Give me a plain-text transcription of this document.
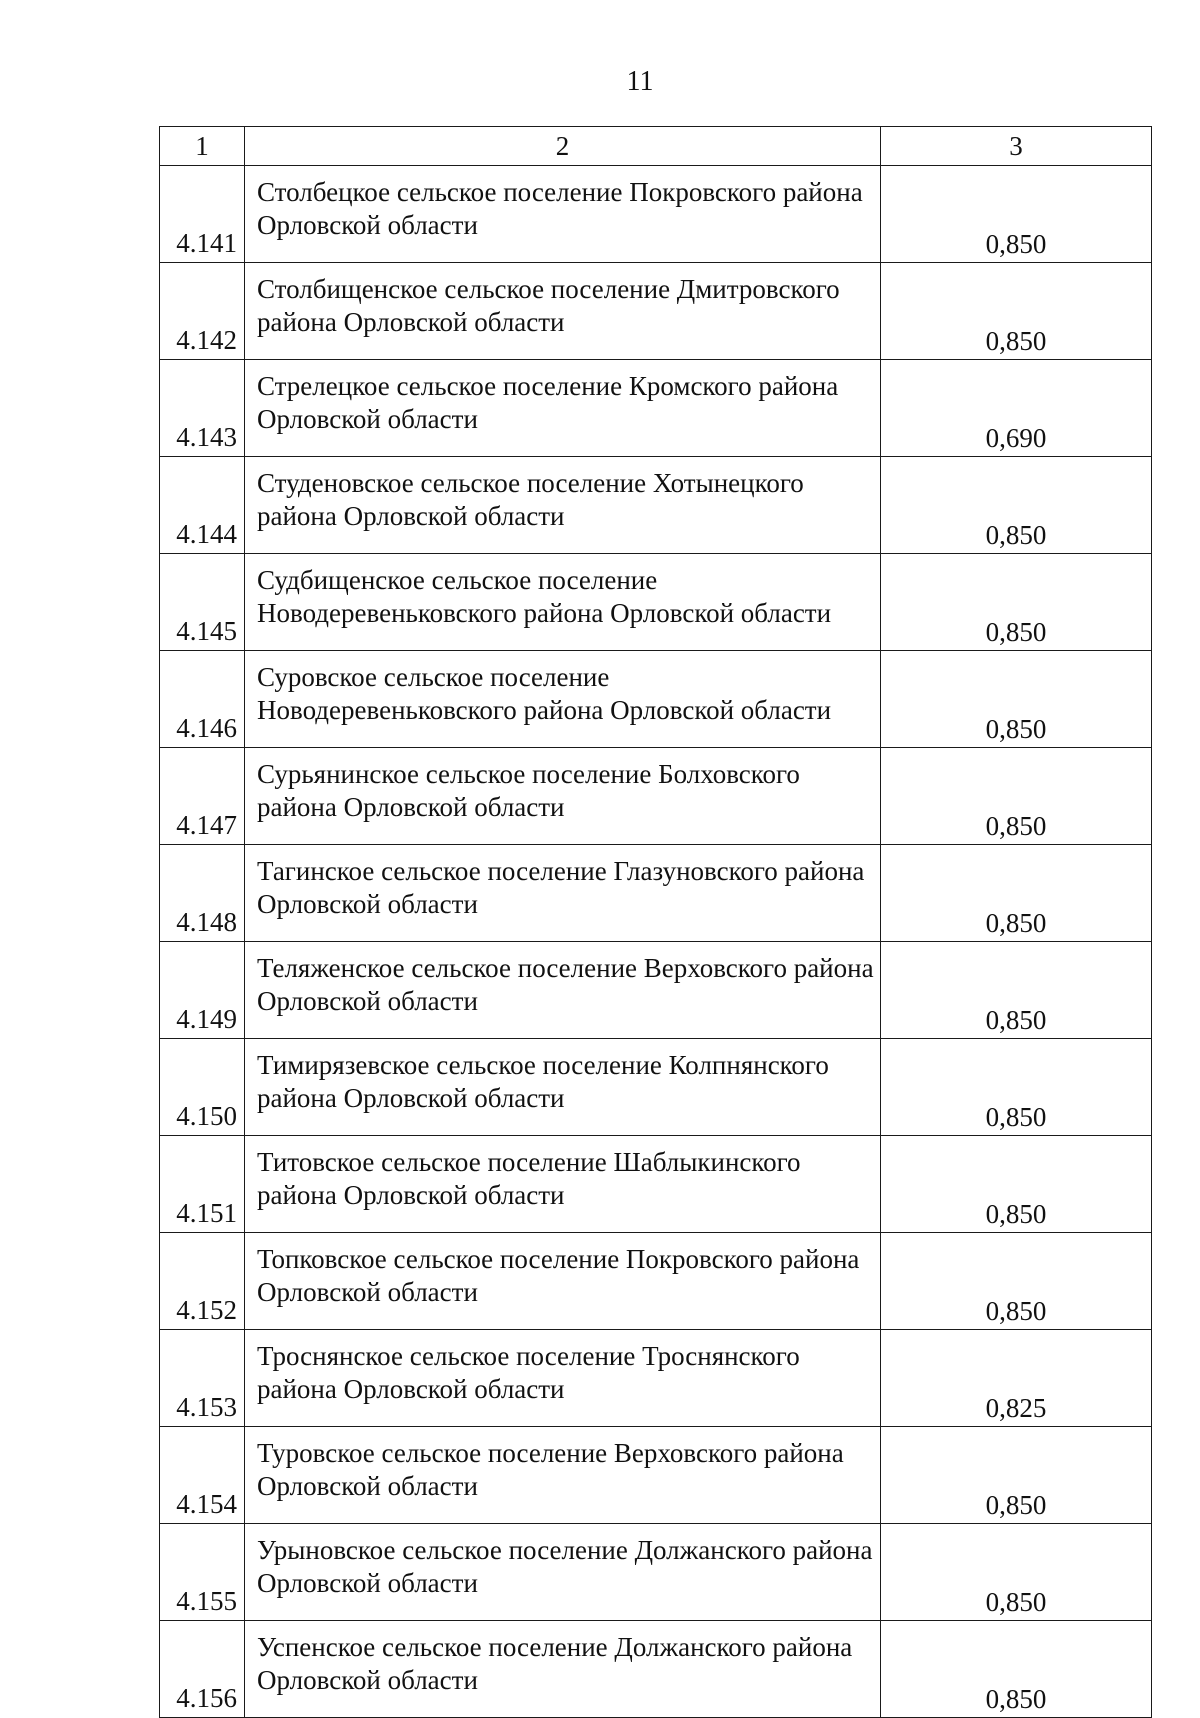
11
1	2	3
4.141	Столбецкое сельское поселение Покровского района Орловской области	0,850
4.142	Столбищенское сельское поселение Дмитровского района Орловской области	0,850
4.143	Стрелецкое сельское поселение Кромского района Орловской области	0,690
4.144	Студеновское сельское поселение Хотынецкого района Орловской области	0,850
4.145	Судбищенское сельское поселение Новодеревеньковского района Орловской области	0,850
4.146	Суровское сельское поселение Новодеревеньковского района Орловской области	0,850
4.147	Сурьянинское сельское поселение Болховского района Орловской области	0,850
4.148	Тагинское сельское поселение Глазуновского района Орловской области	0,850
4.149	Теляженское сельское поселение Верховского района Орловской области	0,850
4.150	Тимирязевское сельское поселение Колпнянского района Орловской области	0,850
4.151	Титовское сельское поселение Шаблыкинского района Орловской области	0,850
4.152	Топковское сельское поселение Покровского района Орловской области	0,850
4.153	Троснянское сельское поселение Троснянского района Орловской области	0,825
4.154	Туровское сельское поселение Верховского района Орловской области	0,850
4.155	Урыновское сельское поселение Должанского района Орловской области	0,850
4.156	Успенское сельское поселение Должанского района Орловской области	0,850
